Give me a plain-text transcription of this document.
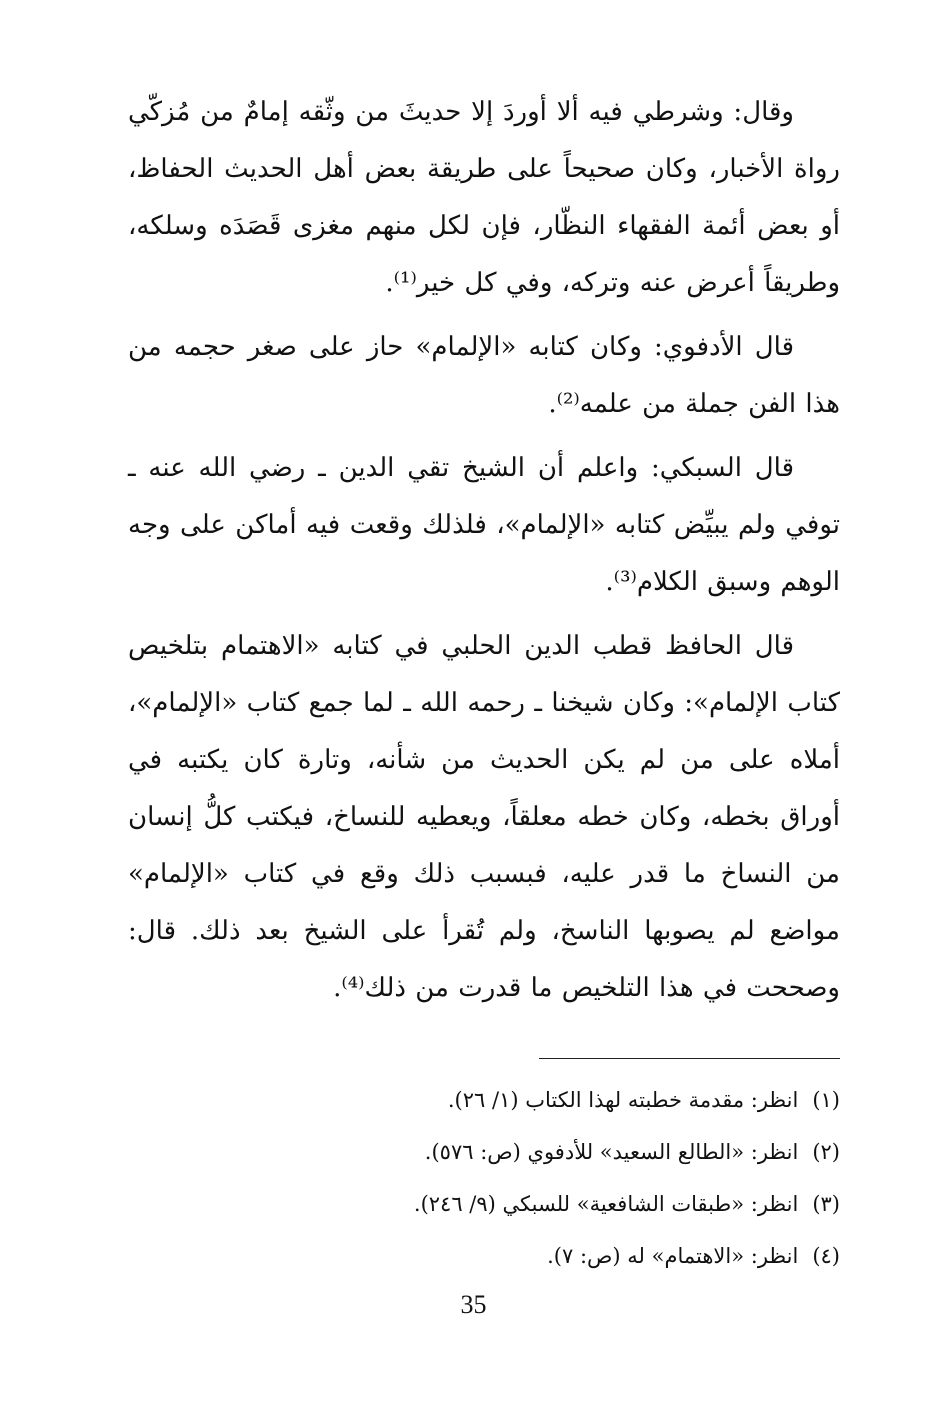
وقال: وشرطي فيه ألا أوردَ إلا حديثَ من وثّقه إمامٌ من مُزكّي رواة الأخبار، وكان صحيحاً على طريقة بعض أهل الحديث الحفاظ، أو بعض أئمة الفقهاء النظّار، فإن لكل منهم مغزى قَصَدَه وسلكه، وطريقاً أعرض عنه وتركه، وفي كل خير⁽¹⁾.

قال الأدفوي: وكان كتابه «الإلمام» حاز على صغر حجمه من هذا الفن جملة من علمه⁽²⁾.

قال السبكي: واعلم أن الشيخ تقي الدين ـ رضي الله عنه ـ توفي ولم يبيِّض كتابه «الإلمام»، فلذلك وقعت فيه أماكن على وجه الوهم وسبق الكلام⁽³⁾.

قال الحافظ قطب الدين الحلبي في كتابه «الاهتمام بتلخيص كتاب الإلمام»: وكان شيخنا ـ رحمه الله ـ لما جمع كتاب «الإلمام»، أملاه على من لم يكن الحديث من شأنه، وتارة كان يكتبه في أوراق بخطه، وكان خطه معلقاً، ويعطيه للنساخ، فيكتب كلُّ إنسان من النساخ ما قدر عليه، فبسبب ذلك وقع في كتاب «الإلمام» مواضع لم يصوبها الناسخ، ولم تُقرأ على الشيخ بعد ذلك. قال: وصححت في هذا التلخيص ما قدرت من ذلك⁽⁴⁾.

(١)انظر: مقدمة خطبته لهذا الكتاب (١/ ٢٦).
(٢)انظر: «الطالع السعيد» للأدفوي (ص: ٥٧٦).
(٣)انظر: «طبقات الشافعية» للسبكي (٩/ ٢٤٦).
(٤)انظر: «الاهتمام» له (ص: ٧).
35
